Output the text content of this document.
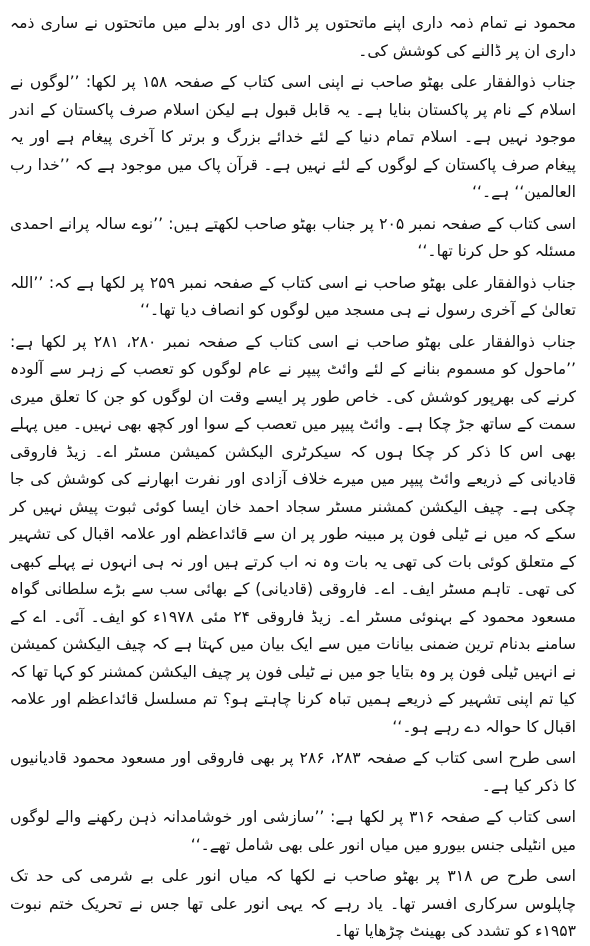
محمود نے تمام ذمہ داری اپنے ماتحتوں پر ڈال دی اور بدلے میں ماتحتوں نے ساری ذمہ داری ان پر ڈالنے کی کوشش کی۔

جناب ذوالفقار علی بھٹو صاحب نے اپنی اسی کتاب کے صفحہ ۱۵۸ پر لکھا: ’’لوگوں نے اسلام کے نام پر پاکستان بنایا ہے۔ یہ قابل قبول ہے لیکن اسلام صرف پاکستان کے اندر موجود نہیں ہے۔ اسلام تمام دنیا کے لئے خدائے بزرگ و برتر کا آخری پیغام ہے اور یہ پیغام صرف پاکستان کے لوگوں کے لئے نہیں ہے۔ قرآن پاک میں موجود ہے کہ ’’خدا رب العالمین‘‘ ہے۔‘‘

اسی کتاب کے صفحہ نمبر ۲۰۵ پر جناب بھٹو صاحب لکھتے ہیں: ’’نوے سالہ پرانے احمدی مسئلہ کو حل کرنا تھا۔‘‘

جناب ذوالفقار علی بھٹو صاحب نے اسی کتاب کے صفحہ نمبر ۲۵۹ پر لکھا ہے کہ: ’’اللہ تعالیٰ کے آخری رسول نے ہی مسجد میں لوگوں کو انصاف دیا تھا۔‘‘

جناب ذوالفقار علی بھٹو صاحب نے اسی کتاب کے صفحہ نمبر ۲۸۰، ۲۸۱ پر لکھا ہے: ’’ماحول کو مسموم بنانے کے لئے وائٹ پیپر نے عام لوگوں کو تعصب کے زہر سے آلودہ کرنے کی بھرپور کوشش کی۔ خاص طور پر ایسے وقت ان لوگوں کو جن کا تعلق میری سمت کے ساتھ جڑ چکا ہے۔ وائٹ پیپر میں تعصب کے سوا اور کچھ بھی نہیں۔ میں پہلے بھی اس کا ذکر کر چکا ہوں کہ سیکرٹری الیکشن کمیشن مسٹر اے۔ زیڈ فاروقی قادیانی کے ذریعے وائٹ پیپر میں میرے خلاف آزادی اور نفرت ابھارنے کی کوشش کی جا چکی ہے۔ چیف الیکشن کمشنر مسٹر سجاد احمد خان ایسا کوئی ثبوت پیش نہیں کر سکے کہ میں نے ٹیلی فون پر مبینہ طور پر ان سے قائداعظم اور علامہ اقبال کی تشہیر کے متعلق کوئی بات کی تھی یہ بات وہ نہ اب کرتے ہیں اور نہ ہی انہوں نے پہلے کبھی کی تھی۔ تاہم مسٹر ایف۔ اے۔ فاروقی (قادیانی) کے بھائی سب سے بڑے سلطانی گواہ مسعود محمود کے بہنوئی مسٹر اے۔ زیڈ فاروقی ۲۴ مئی ۱۹۷۸ء کو ایف۔ آئی۔ اے کے سامنے بدنام ترین ضمنی بیانات میں سے ایک بیان میں کہتا ہے کہ چیف الیکشن کمیشن نے انہیں ٹیلی فون پر وہ بتایا جو میں نے ٹیلی فون پر چیف الیکشن کمشنر کو کہا تھا کہ کیا تم اپنی تشہیر کے ذریعے ہمیں تباہ کرنا چاہتے ہو؟ تم مسلسل قائداعظم اور علامہ اقبال کا حوالہ دے رہے ہو۔‘‘

اسی طرح اسی کتاب کے صفحہ ۲۸۳، ۲۸۶ پر بھی فاروقی اور مسعود محمود قادیانیوں کا ذکر کیا ہے۔

اسی کتاب کے صفحہ ۳۱۶ پر لکھا ہے: ’’سازشی اور خوشامدانہ ذہن رکھنے والے لوگوں میں انٹیلی جنس بیورو میں میاں انور علی بھی شامل تھے۔‘‘

اسی طرح ص ۳۱۸ پر بھٹو صاحب نے لکھا کہ میاں انور علی بے شرمی کی حد تک چاپلوس سرکاری افسر تھا۔ یاد رہے کہ یہی انور علی تھا جس نے تحریک ختم نبوت ۱۹۵۳ء کو تشدد کی بھینٹ چڑھایا تھا۔
